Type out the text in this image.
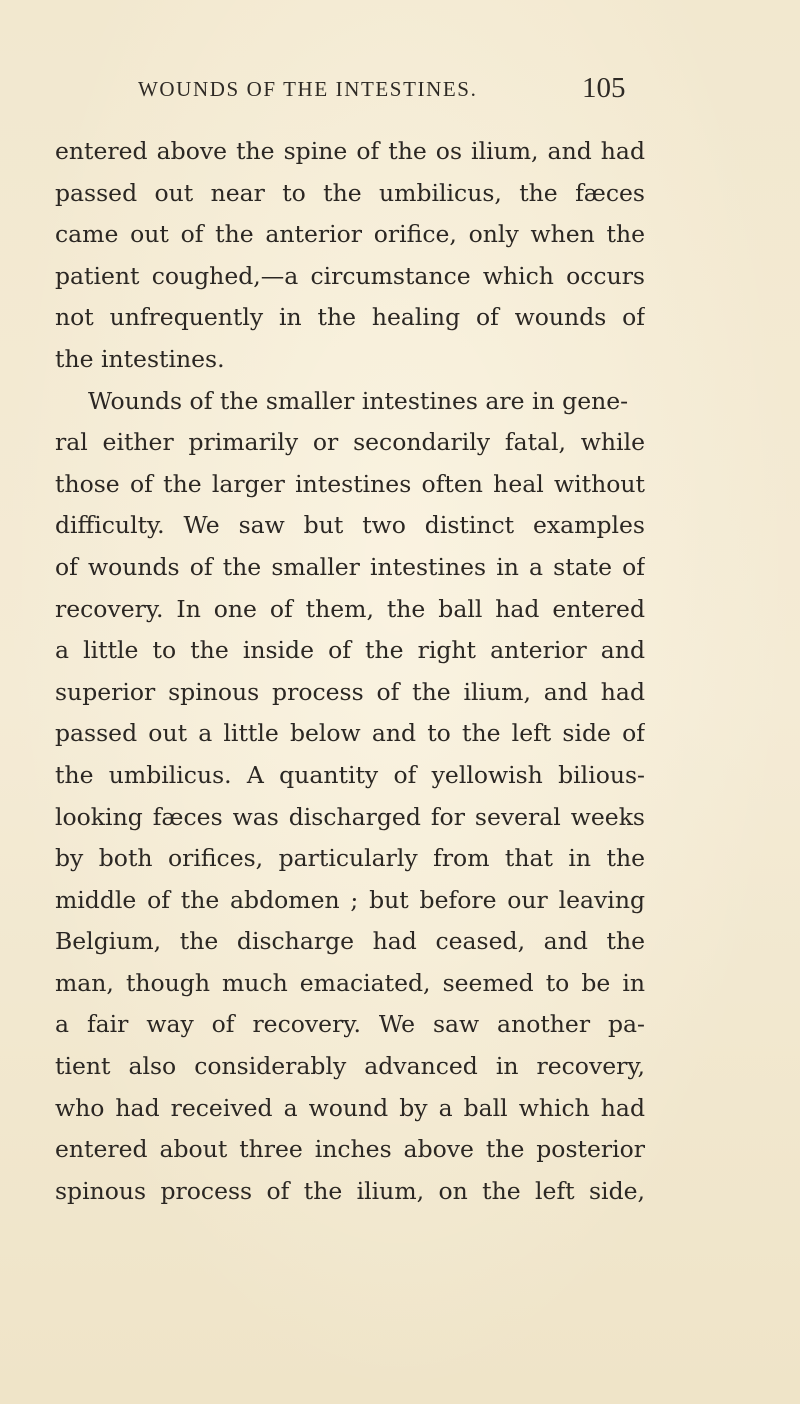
WOUNDS OF THE INTESTINES.	105
entered above the spine of the os ilium, and had
passed out near to the umbilicus, the fæces
came out of the anterior orifice, only when the
patient coughed,—a circumstance which occurs
not unfrequently in the healing of wounds of
the intestines.
Wounds of the smaller intestines are in gene-
ral either primarily or secondarily fatal, while
those of the larger intestines often heal without
difficulty. We saw but two distinct examples
of wounds of the smaller intestines in a state of
recovery. In one of them, the ball had entered
a little to the inside of the right anterior and
superior spinous process of the ilium, and had
passed out a little below and to the left side of
the umbilicus. A quantity of yellowish bilious-
looking fæces was discharged for several weeks
by both orifices, particularly from that in the
middle of the abdomen ; but before our leaving
Belgium, the discharge had ceased, and the
man, though much emaciated, seemed to be in
a fair way of recovery. We saw another pa-
tient also considerably advanced in recovery,
who had received a wound by a ball which had
entered about three inches above the posterior
spinous process of the ilium, on the left side,
